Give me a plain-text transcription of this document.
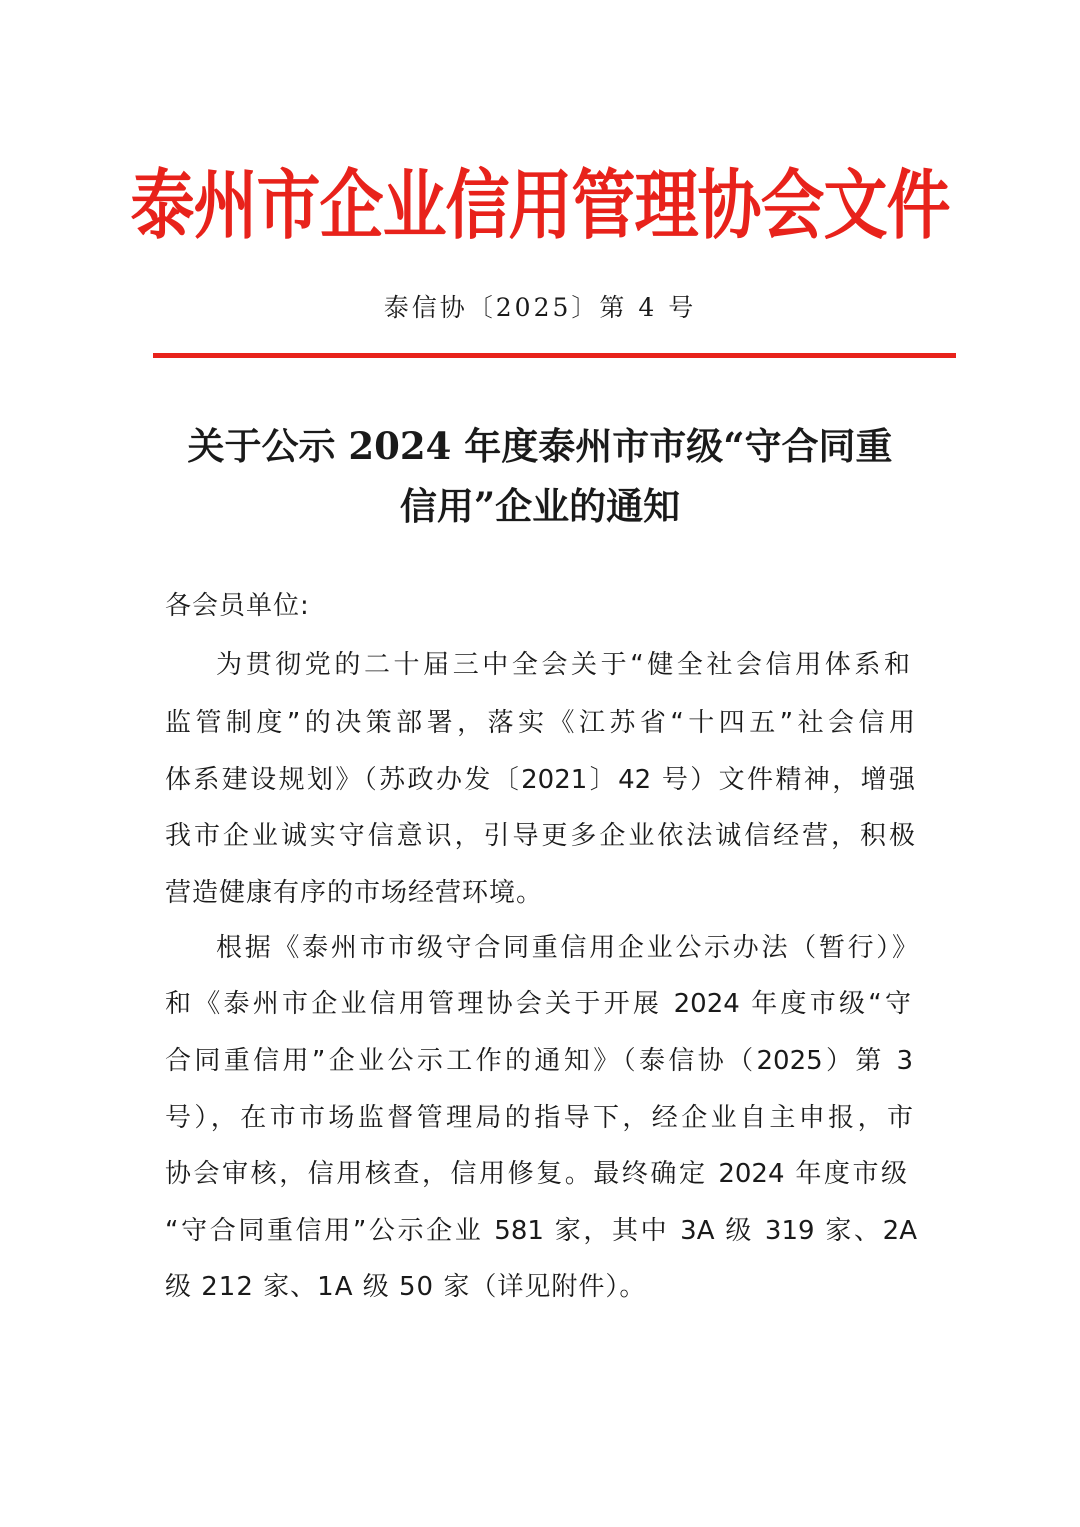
泰州市企业信用管理协会文件
泰信协〔2025〕第 4 号
关于公示 2024 年度泰州市市级“守合同重
信用”企业的通知
各会员单位:
为贯彻党的二十届三中全会关于“健全社会信用体系和
监管制度”的决策部署，落实《江苏省“十四五”社会信用
体系建设规划》（苏政办发〔2021〕42 号）文件精神，增强
我市企业诚实守信意识，引导更多企业依法诚信经营，积极
营造健康有序的市场经营环境。
根据《泰州市市级守合同重信用企业公示办法（暂行）》
和《泰州市企业信用管理协会关于开展 2024 年度市级“守
合同重信用”企业公示工作的通知》（泰信协（2025）第 3
号），在市市场监督管理局的指导下，经企业自主申报，市
协会审核，信用核查，信用修复。最终确定 2024 年度市级
“守合同重信用”公示企业 581 家，其中 3A 级 319 家、2A
级 212 家、1A 级 50 家（详见附件）。
